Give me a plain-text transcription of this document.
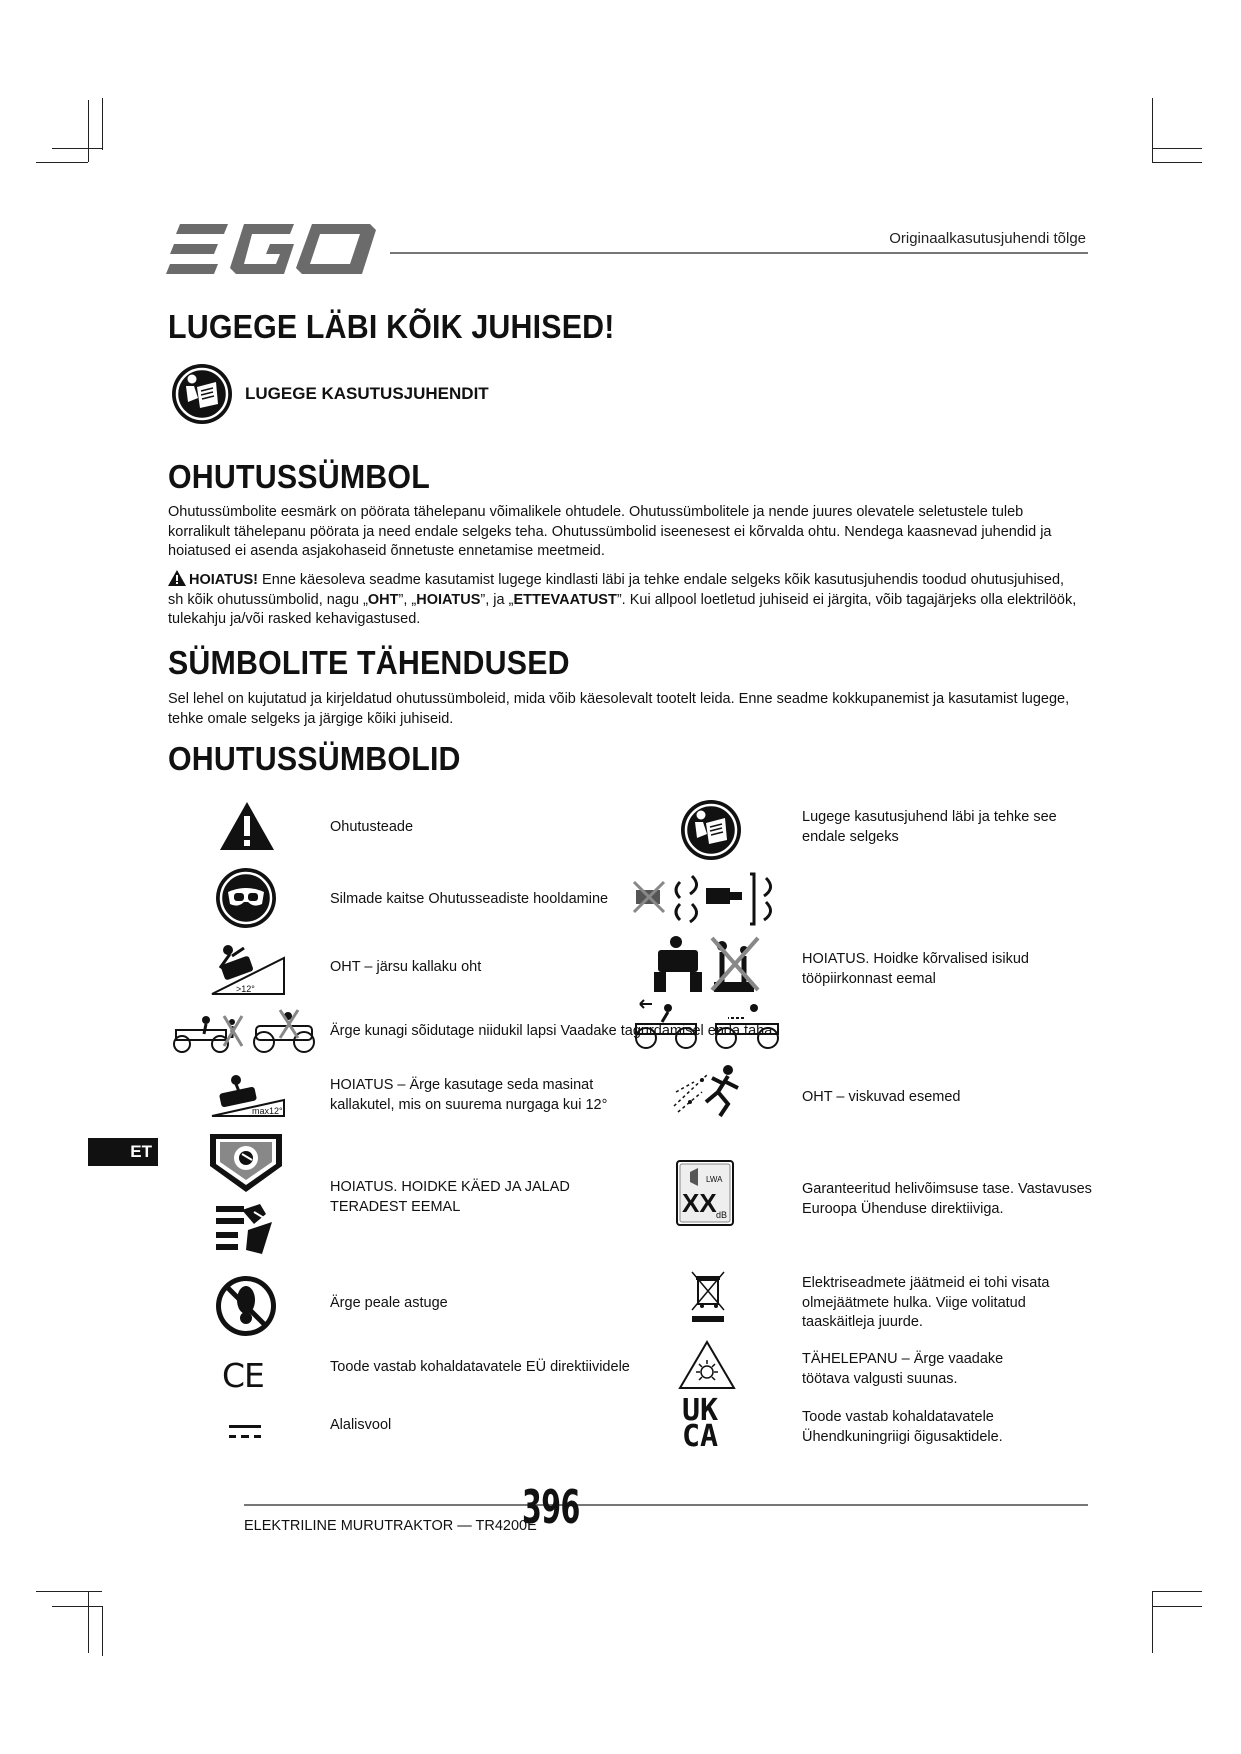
Originaalkasutusjuhendi tõlge
LUGEGE LÄBI KÕIK JUHISED!
LUGEGE KASUTUSJUHENDIT
OHUTUSSÜMBOL

Ohutussümbolite eesmärk on pöörata tähelepanu võimalikele ohtudele. Ohutussümbolitele ja nende juures olevatele seletustele tuleb korralikult tähelepanu pöörata ja need endale selgeks teha. Ohutussümbolid iseenesest ei kõrvalda ohtu. Nendega kaasnevad juhendid ja hoiatused ei asenda asjakohaseid õnnetuste ennetamise meetmeid.

HOIATUS! Enne käesoleva seadme kasutamist lugege kindlasti läbi ja tehke endale selgeks kõik kasutusjuhendis toodud ohutusjuhised, sh kõik ohutussümbolid, nagu „OHT”, „HOIATUS”, ja „ETTEVAATUST”. Kui allpool loetletud juhiseid ei järgita, võib tagajärjeks olla elektrilöök, tulekahju ja/või rasked kehavigastused.

SÜMBOLITE TÄHENDUSED

Sel lehel on kujutatud ja kirjeldatud ohutussümboleid, mida võib käesolevalt tootelt leida. Enne seadme kokkupanemist ja kasutamist lugege, tehke omale selgeks ja järgige kõiki juhiseid.

OHUTUSSÜMBOLID
>12°
max12°
CE
Ohutusteade
Silmade kaitse Ohutusseadiste hooldamine
OHT – järsu kallaku oht
Ärge kunagi sõidutage niidukil lapsi Vaadake tagurdamisel enda taha
HOIATUS – Ärge kasutage seda masinat kallakutel, mis on suurema nurgaga kui 12°
HOIATUS. HOIDKE KÄED JA JALAD TERADEST EEMAL
Ärge peale astuge
Toode vastab kohaldatavatele EÜ direktiividele
Alalisvool
LWA
XX dB
UK
CA
Lugege kasutusjuhend läbi ja tehke see endale selgeks
HOIATUS. Hoidke kõrvalised isikud tööpiirkonnast eemal
OHT – viskuvad esemed
Garanteeritud helivõimsuse tase. Vastavuses Euroopa Ühenduse direktiiviga.
Elektriseadmete jäätmeid ei tohi visata olmejäätmete hulka. Viige volitatud taaskäitleja juurde.
TÄHELEPANU – Ärge vaadake töötava valgusti suunas.
Toode vastab kohaldatavatele Ühendkuningriigi õigusaktidele.
ET
ELEKTRILINE MURUTRAKTOR — TR4200E
396
